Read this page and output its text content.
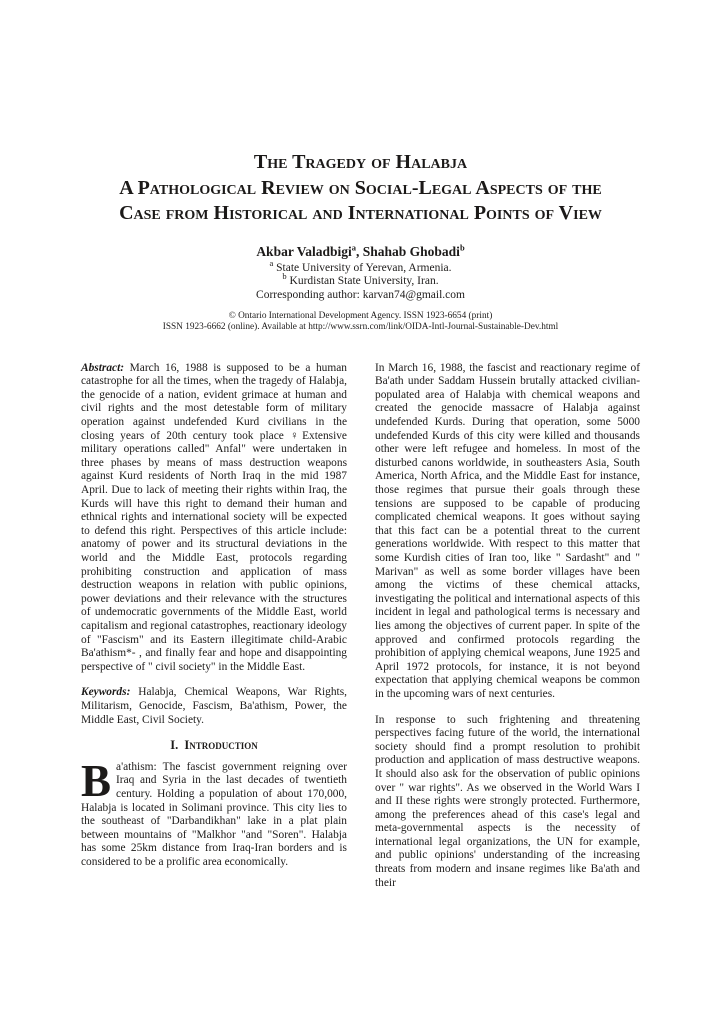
The Tragedy of Halabja
A Pathological Review on Social-Legal Aspects of the
Case from Historical and International Points of View
Akbar Valadbigi$^a$, Shahab Ghobadi$^b$
$^a$ State University of Yerevan, Armenia.
$^b$ Kurdistan State University, Iran.
Corresponding author: karvan74@gmail.com
© Ontario International Development Agency. ISSN 1923-6654 (print)
ISSN 1923-6662 (online). Available at http://www.ssrn.com/link/OIDA-Intl-Journal-Sustainable-Dev.html

Abstract: March 16, 1988 is supposed to be a human catastrophe for all the times, when the tragedy of Halabja, the genocide of a nation, evident grimace at human and civil rights and the most detestable form of military operation against undefended Kurd civilians in the closing years of 20th century took place ♀Extensive military operations called" Anfal" were undertaken in three phases by means of mass destruction weapons against Kurd residents of North Iraq in the mid 1987 April. Due to lack of meeting their rights within Iraq, the Kurds will have this right to demand their human and ethnical rights and international society will be expected to defend this right. Perspectives of this article include: anatomy of power and its structural deviations in the world and the Middle East, protocols regarding prohibiting construction and application of mass destruction weapons in relation with public opinions, power deviations and their relevance with the structures of undemocratic governments of the Middle East, world capitalism and regional catastrophes, reactionary ideology of "Fascism" and its Eastern illegitimate child-Arabic Ba'athism*- , and finally fear and hope and disappointing perspective of " civil society" in the Middle East.

Keywords: Halabja, Chemical Weapons, War Rights, Militarism, Genocide, Fascism, Ba'athism, Power, the Middle East, Civil Society.

I. Introduction

Ba'athism: The fascist government reigning over Iraq and Syria in the last decades of twentieth century. Holding a population of about 170,000, Halabja is located in Solimani province. This city lies to the southeast of "Darbandikhan" lake in a plat plain between mountains of "Malkhor "and "Soren". Halabja has some 25km distance from Iraq-Iran borders and is considered to be a prolific area economically.

In March 16, 1988, the fascist and reactionary regime of Ba'ath under Saddam Hussein brutally attacked civilian-populated area of Halabja with chemical weapons and created the genocide massacre of Halabja against undefended Kurds. During that operation, some 5000 undefended Kurds of this city were killed and thousands other were left refugee and homeless. In most of the disturbed canons worldwide, in southeasters Asia, South America, North Africa, and the Middle East for instance, those regimes that pursue their goals through these tensions are supposed to be capable of producing complicated chemical weapons. It goes without saying that this fact can be a potential threat to the current generations worldwide. With respect to this matter that some Kurdish cities of Iran too, like " Sardasht" and " Marivan" as well as some border villages have been among the victims of these chemical attacks, investigating the political and international aspects of this incident in legal and pathological terms is necessary and lies among the objectives of current paper. In spite of the approved and confirmed protocols regarding the prohibition of applying chemical weapons, June 1925 and April 1972 protocols, for instance, it is not beyond expectation that applying chemical weapons be common in the upcoming wars of next centuries.

In response to such frightening and threatening perspectives facing future of the world, the international society should find a prompt resolution to prohibit production and application of mass destructive weapons. It should also ask for the observation of public opinions over " war rights". As we observed in the World Wars I and II these rights were strongly protected. Furthermore, among the preferences ahead of this case's legal and meta-governmental aspects is the necessity of international legal organizations, the UN for example, and public opinions' understanding of the increasing threats from modern and insane regimes like Ba'ath and their
